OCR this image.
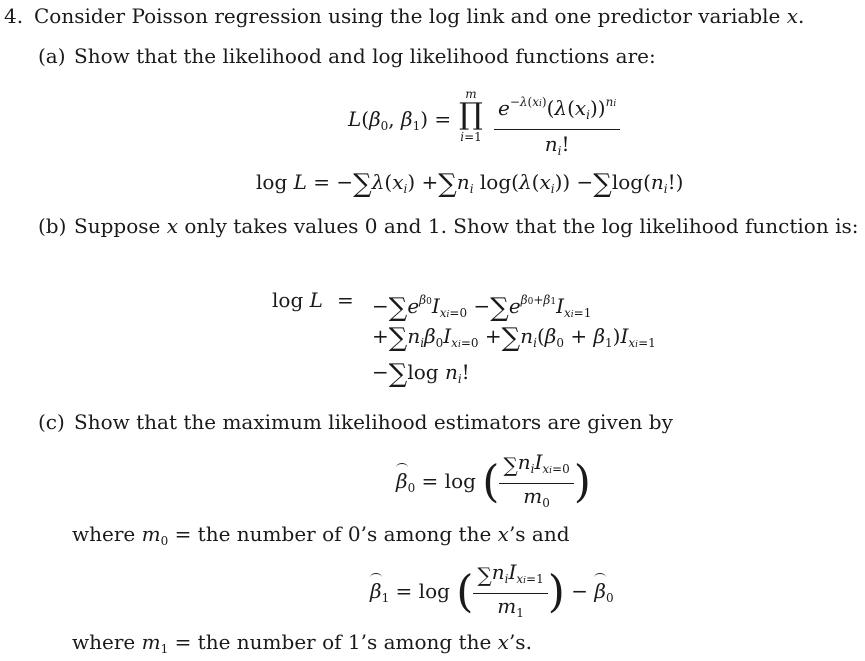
4. Consider Poisson regression using the log link and one predictor variable x.
(a) Show that the likelihood and log likelihood functions are:
$L(\beta_0$, $\beta_1$) =
m
∏
$i=1 \frac{e^{-\lambda(xi)}(\lambda(x_i))^{ni}}{n_i!}$
$\log L = -\sum\lambda(x_i) +\sum n_i$ $\log(\lambda(x_i)) -\sum\log(n_i!)$
(b) Suppose x only takes values 0 and 1. Show that the log likelihood function is:
$\log L = -\sum e^{\beta 0}I_{xi=0} -\sum e^{\beta 0+\beta 1}I_{xi=1}$
$+\sum n_i\beta_0I_{xi=0} +\sum n_i(\beta_0 + \beta_1)I_{xi=1}$
−∑log $n_i$!
(c) Show that the maximum likelihood estimators are given by
$\beta_0 = \log$ ( $\frac{\sum n_iI_{xi=0}}{m_0}$ )
where $m_0$ = the number of 0’s among the x’s and
$\beta_1 = \log$ ( $\frac{\sum n_iI_{xi=1}}{m_1}$ ) − $\beta_0$
where $m_1$ = the number of 1’s among the x’s.
